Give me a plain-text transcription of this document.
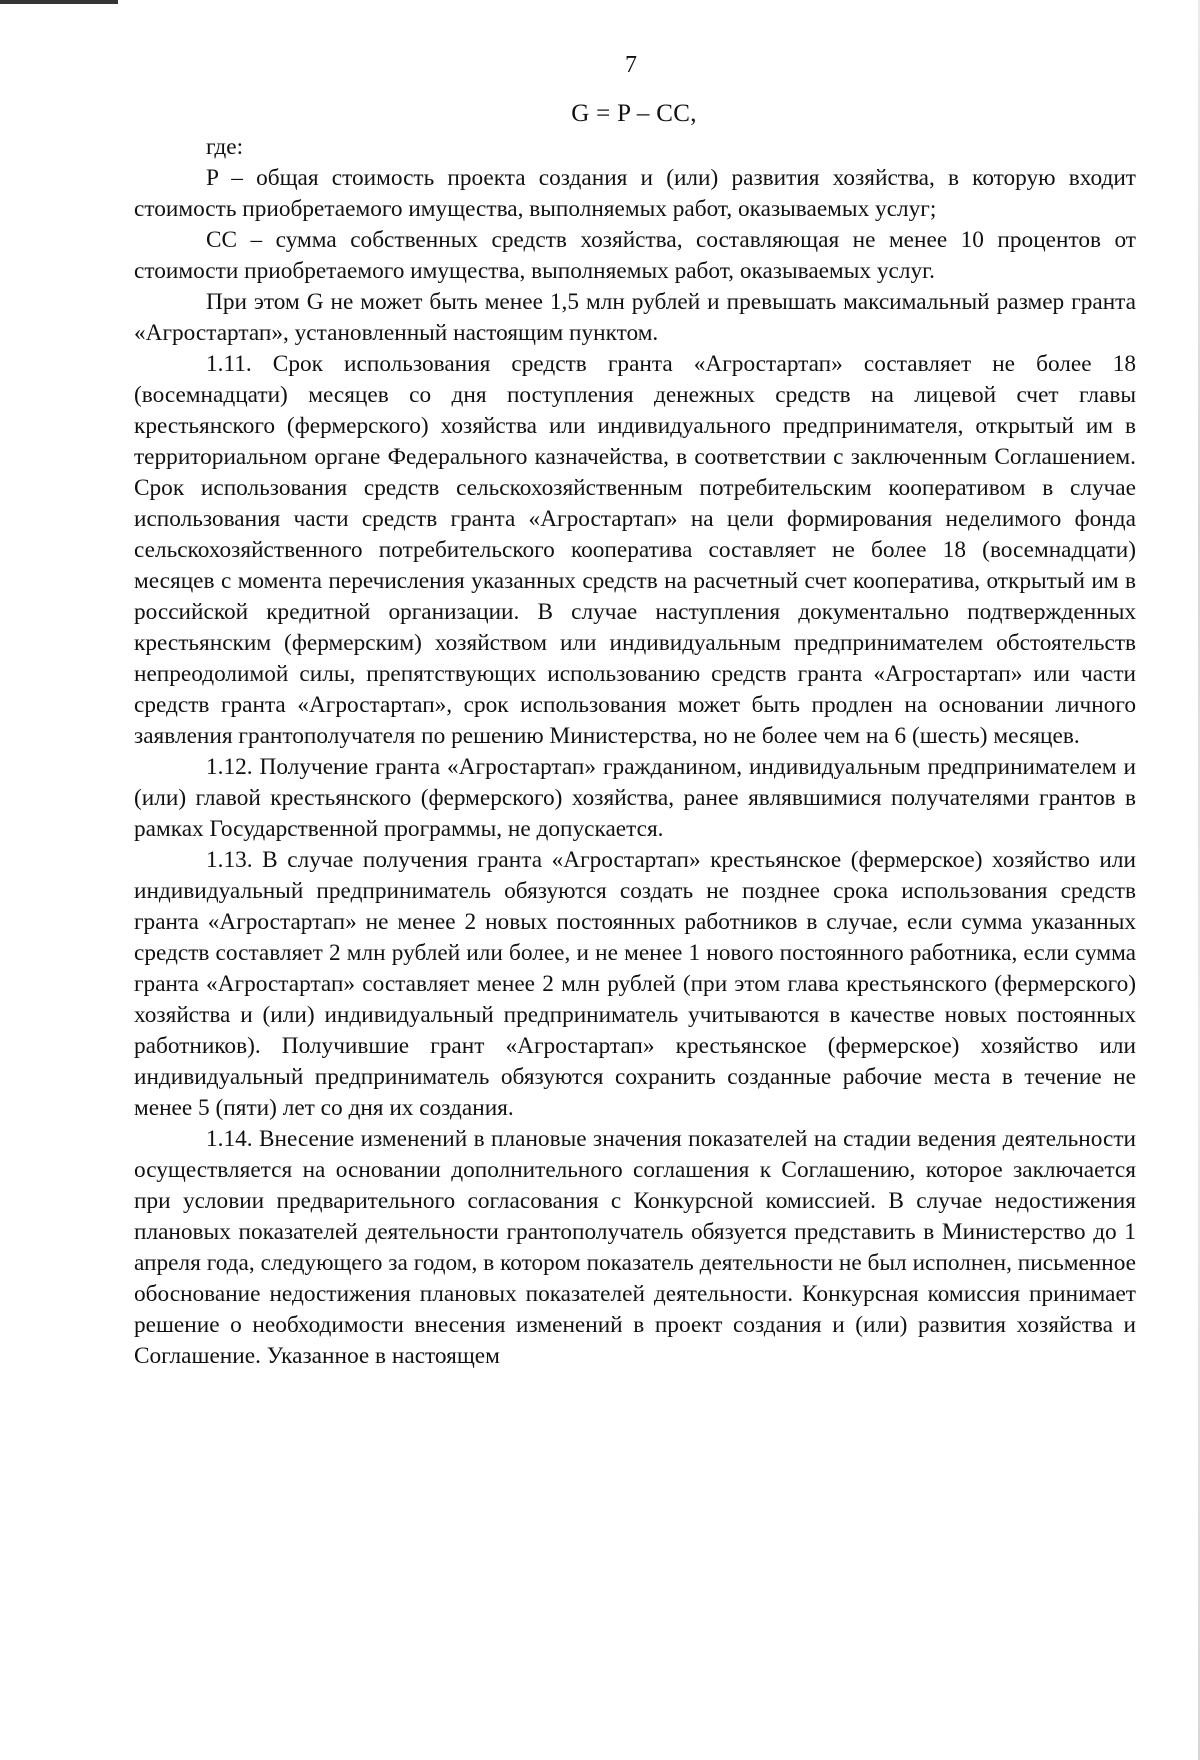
7
G = P – CC,

где:

P – общая стоимость проекта создания и (или) развития хозяйства, в которую входит стоимость приобретаемого имущества, выполняемых работ, оказываемых услуг;

CC – сумма собственных средств хозяйства, составляющая не менее 10 процентов от стоимости приобретаемого имущества, выполняемых работ, оказываемых услуг.

При этом G не может быть менее 1,5 млн рублей и превышать максимальный размер гранта «Агростартап», установленный настоящим пунктом.

1.11. Срок использования средств гранта «Агростартап» составляет не более 18 (восемнадцати) месяцев со дня поступления денежных средств на лицевой счет главы крестьянского (фермерского) хозяйства или индивидуального предпринимателя, открытый им в территориальном органе Федерального казначейства, в соответствии с заключенным Соглашением. Срок использования средств сельскохозяйственным потребительским кооперативом в случае использования части средств гранта «Агростартап» на цели формирования неделимого фонда сельскохозяйственного потребительского кооператива составляет не более 18 (восемнадцати) месяцев с момента перечисления указанных средств на расчетный счет кооператива, открытый им в российской кредитной организации. В случае наступления документально подтвержденных крестьянским (фермерским) хозяйством или индивидуальным предпринимателем обстоятельств непреодолимой силы, препятствующих использованию средств гранта «Агростартап» или части средств гранта «Агростартап», срок использования может быть продлен на основании личного заявления грантополучателя по решению Министерства, но не более чем на 6 (шесть) месяцев.

1.12. Получение гранта «Агростартап» гражданином, индивидуальным предпринимателем и (или) главой крестьянского (фермерского) хозяйства, ранее являвшимися получателями грантов в рамках Государственной программы, не допускается.

1.13. В случае получения гранта «Агростартап» крестьянское (фермерское) хозяйство или индивидуальный предприниматель обязуются создать не позднее срока использования средств гранта «Агростартап» не менее 2 новых постоянных работников в случае, если сумма указанных средств составляет 2 млн рублей или более, и не менее 1 нового постоянного работника, если сумма гранта «Агростартап» составляет менее 2 млн рублей (при этом глава крестьянского (фермерского) хозяйства и (или) индивидуальный предприниматель учитываются в качестве новых постоянных работников). Получившие грант «Агростартап» крестьянское (фермерское) хозяйство или индивидуальный предприниматель обязуются сохранить созданные рабочие места в течение не менее 5 (пяти) лет со дня их создания.

1.14. Внесение изменений в плановые значения показателей на стадии ведения деятельности осуществляется на основании дополнительного соглашения к Соглашению, которое заключается при условии предварительного согласования с Конкурсной комиссией. В случае недостижения плановых показателей деятельности грантополучатель обязуется представить в Министерство до 1 апреля года, следующего за годом, в котором показатель деятельности не был исполнен, письменное обоснование недостижения плановых показателей деятельности. Конкурсная комиссия принимает решение о необходимости внесения изменений в проект создания и (или) развития хозяйства и Соглашение. Указанное в настоящем
